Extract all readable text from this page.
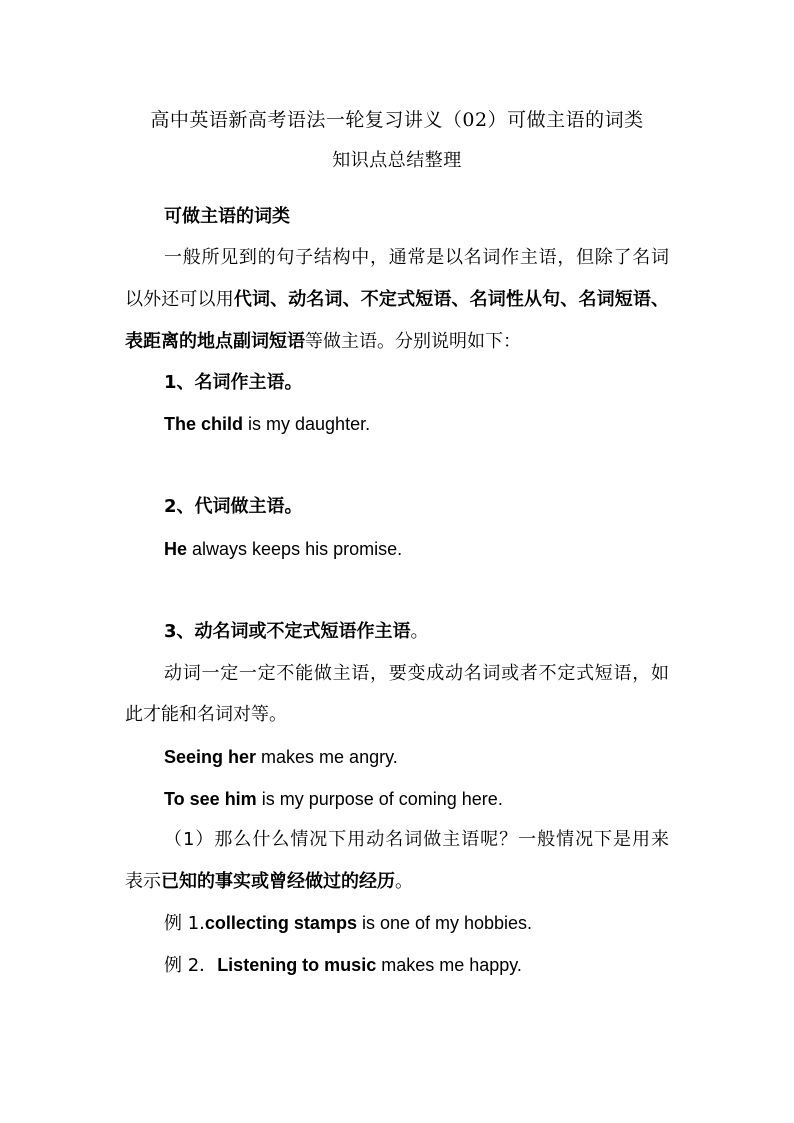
高中英语新高考语法一轮复习讲义（02）可做主语的词类
知识点总结整理
可做主语的词类
一般所见到的句子结构中，通常是以名词作主语，但除了名词
以外还可以用代词、动名词、不定式短语、名词性从句、名词短语、
表距离的地点副词短语等做主语。分别说明如下：
1、名词作主语。
The child is my daughter.
2、代词做主语。
He always keeps his promise.
3、动名词或不定式短语作主语。
动词一定一定不能做主语，要变成动名词或者不定式短语，如
此才能和名词对等。
Seeing her makes me angry.
To see him is my purpose of coming here.
（1）那么什么情况下用动名词做主语呢？一般情况下是用来
表示已知的事实或曾经做过的经历。
例 1.collecting stamps is one of my hobbies.
例 2．Listening to music makes me happy.
